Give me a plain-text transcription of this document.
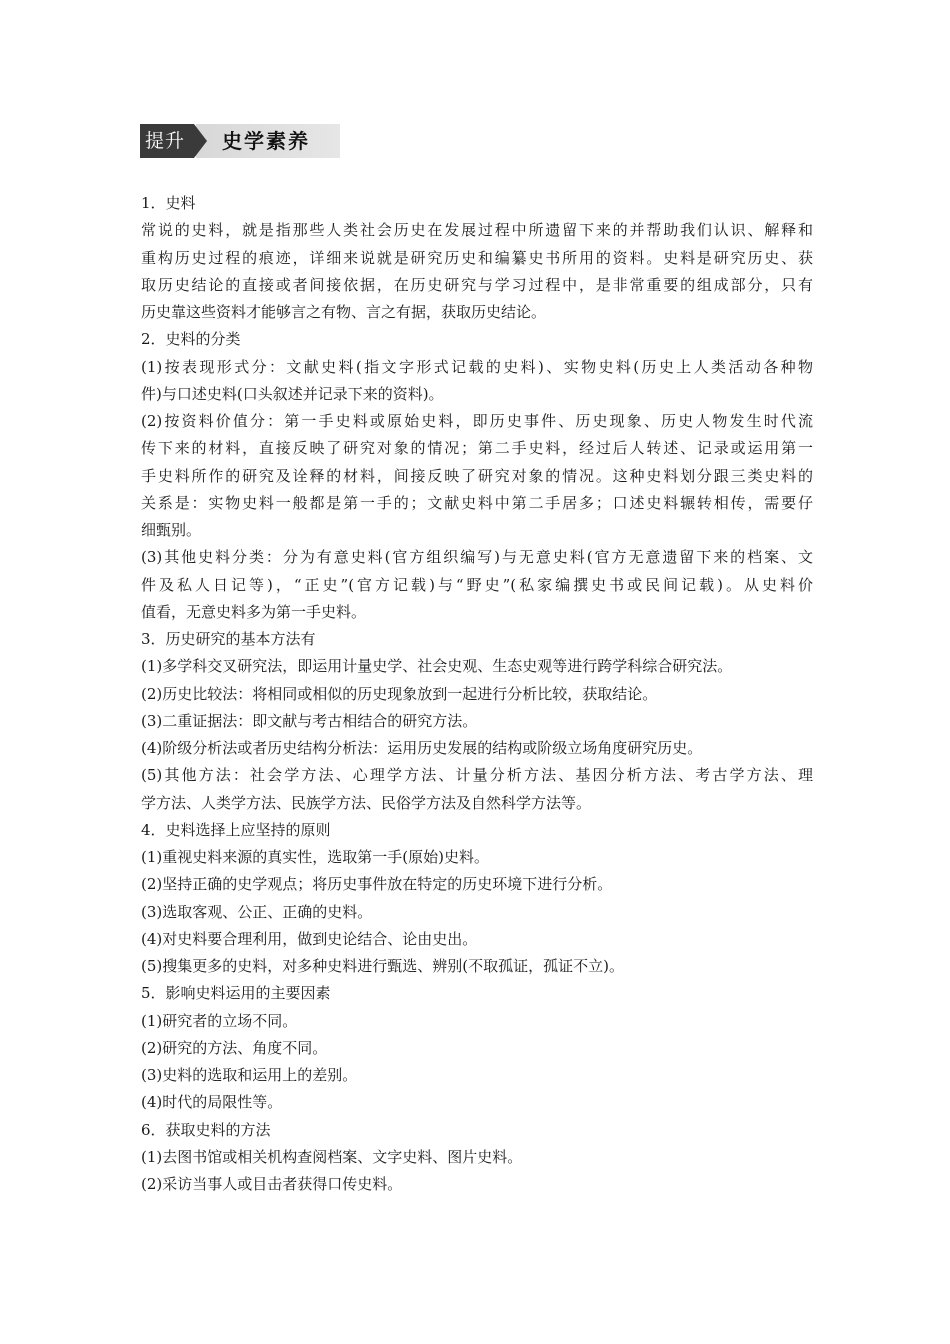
提升	史学素养
1．史料
常说的史料，就是指那些人类社会历史在发展过程中所遗留下来的并帮助我们认识、解释和
重构历史过程的痕迹，详细来说就是研究历史和编纂史书所用的资料。史料是研究历史、获
取历史结论的直接或者间接依据，在历史研究与学习过程中，是非常重要的组成部分，只有
历史靠这些资料才能够言之有物、言之有据，获取历史结论。
2．史料的分类
(1)按表现形式分：文献史料(指文字形式记载的史料)、实物史料(历史上人类活动各种物
件)与口述史料(口头叙述并记录下来的资料)。
(2)按资料价值分：第一手史料或原始史料，即历史事件、历史现象、历史人物发生时代流
传下来的材料，直接反映了研究对象的情况；第二手史料，经过后人转述、记录或运用第一
手史料所作的研究及诠释的材料，间接反映了研究对象的情况。这种史料划分跟三类史料的
关系是：实物史料一般都是第一手的；文献史料中第二手居多；口述史料辗转相传，需要仔
细甄别。
(3)其他史料分类：分为有意史料(官方组织编写)与无意史料(官方无意遗留下来的档案、文
件及私人日记等)，“正史”(官方记载)与“野史”(私家编撰史书或民间记载)。从史料价
值看，无意史料多为第一手史料。
3．历史研究的基本方法有
(1)多学科交叉研究法，即运用计量史学、社会史观、生态史观等进行跨学科综合研究法。
(2)历史比较法：将相同或相似的历史现象放到一起进行分析比较，获取结论。
(3)二重证据法：即文献与考古相结合的研究方法。
(4)阶级分析法或者历史结构分析法：运用历史发展的结构或阶级立场角度研究历史。
(5)其他方法：社会学方法、心理学方法、计量分析方法、基因分析方法、考古学方法、理
学方法、人类学方法、民族学方法、民俗学方法及自然科学方法等。
4．史料选择上应坚持的原则
(1)重视史料来源的真实性，选取第一手(原始)史料。
(2)坚持正确的史学观点；将历史事件放在特定的历史环境下进行分析。
(3)选取客观、公正、正确的史料。
(4)对史料要合理利用，做到史论结合、论由史出。
(5)搜集更多的史料，对多种史料进行甄选、辨别(不取孤证，孤证不立)。
5．影响史料运用的主要因素
(1)研究者的立场不同。
(2)研究的方法、角度不同。
(3)史料的选取和运用上的差别。
(4)时代的局限性等。
6．获取史料的方法
(1)去图书馆或相关机构查阅档案、文字史料、图片史料。
(2)采访当事人或目击者获得口传史料。
